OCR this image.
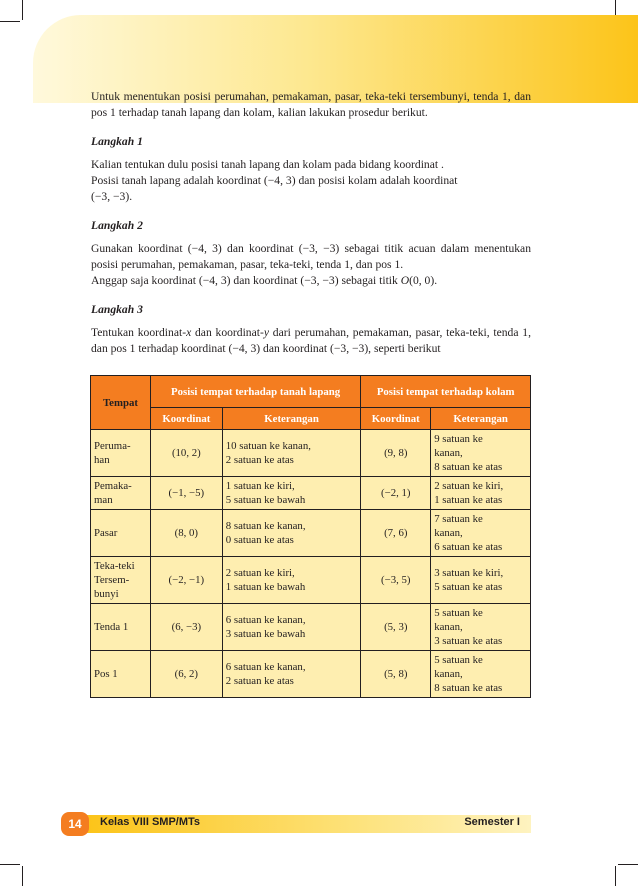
Untuk menentukan posisi perumahan, pemakaman, pasar, teka-teki tersembunyi, tenda 1, dan pos 1 terhadap tanah lapang dan kolam, kalian lakukan prosedur berikut.
Langkah 1
Kalian tentukan dulu posisi tanah lapang dan kolam pada bidang koordinat .
Posisi tanah lapang adalah koordinat (−4, 3) dan posisi kolam adalah koordinat
(−3, −3).
Langkah 2
Gunakan koordinat (−4, 3) dan koordinat (−3, −3) sebagai titik acuan dalam menentukan posisi perumahan, pemakaman, pasar, teka-teki, tenda 1, dan pos 1.
Anggap saja koordinat (−4, 3) dan koordinat (−3, −3) sebagai titik O(0, 0).
Langkah 3
Tentukan koordinat-x dan koordinat-y dari perumahan, pemakaman, pasar, teka-teki, tenda 1, dan pos 1 terhadap koordinat (−4, 3) dan koordinat (−3, −3), seperti berikut
Tempat	Posisi tempat terhadap tanah lapang		Posisi tempat terhadap kolam	
	Koordinat	Keterangan	Koordinat	Keterangan
Peruma-
han	(10, 2)	10 satuan ke kanan,
2 satuan ke atas	(9, 8)	9 satuan ke
kanan,
8 satuan ke atas
Pemaka-
man	(−1, −5)	1 satuan ke kiri,
5 satuan ke bawah	(−2, 1)	2 satuan ke kiri,
1 satuan ke atas
Pasar	(8, 0)	8 satuan ke kanan,
0 satuan ke atas	(7, 6)	7 satuan ke
kanan,
6 satuan ke atas
Teka-teki
Tersem-
bunyi	(−2, −1)	2 satuan ke kiri,
1 satuan ke bawah	(−3, 5)	3 satuan ke kiri,
5 satuan ke atas
Tenda 1	(6, −3)	6 satuan ke kanan,
3 satuan ke bawah	(5, 3)	5 satuan ke
kanan,
3 satuan ke atas
Pos 1	(6, 2)	6 satuan ke kanan,
2 satuan ke atas	(5, 8)	5 satuan ke
kanan,
8 satuan ke atas
14	Kelas VIII SMP/MTs	Semester I
